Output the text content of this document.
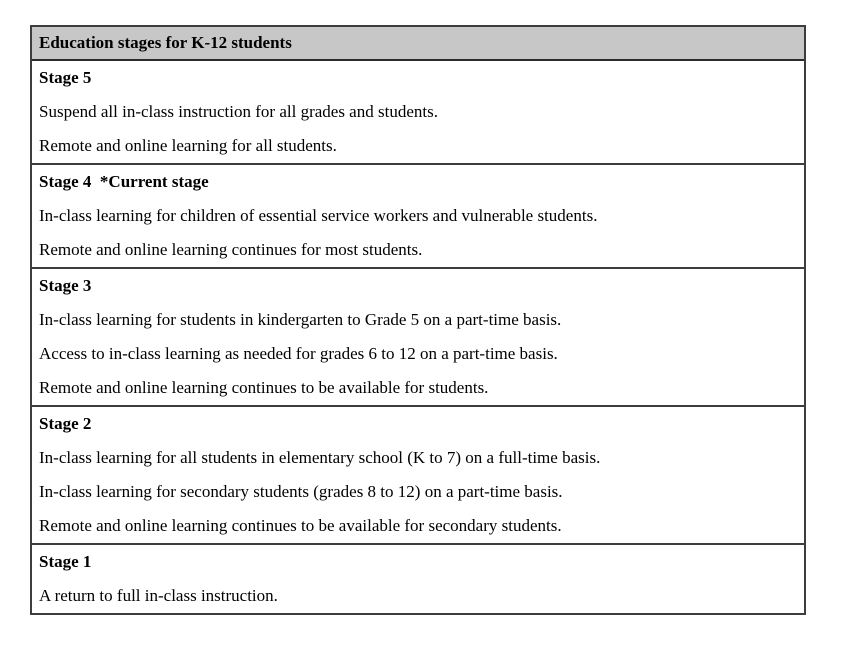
Education stages for K-12 students

Stage 5

Suspend all in-class instruction for all grades and students.

Remote and online learning for all students.

Stage 4  *Current stage

In-class learning for children of essential service workers and vulnerable students.

Remote and online learning continues for most students.

Stage 3

In-class learning for students in kindergarten to Grade 5 on a part-time basis.

Access to in-class learning as needed for grades 6 to 12 on a part-time basis.

Remote and online learning continues to be available for students.

Stage 2

In-class learning for all students in elementary school (K to 7) on a full-time basis.

In-class learning for secondary students (grades 8 to 12) on a part-time basis.

Remote and online learning continues to be available for secondary students.

Stage 1

A return to full in-class instruction.
